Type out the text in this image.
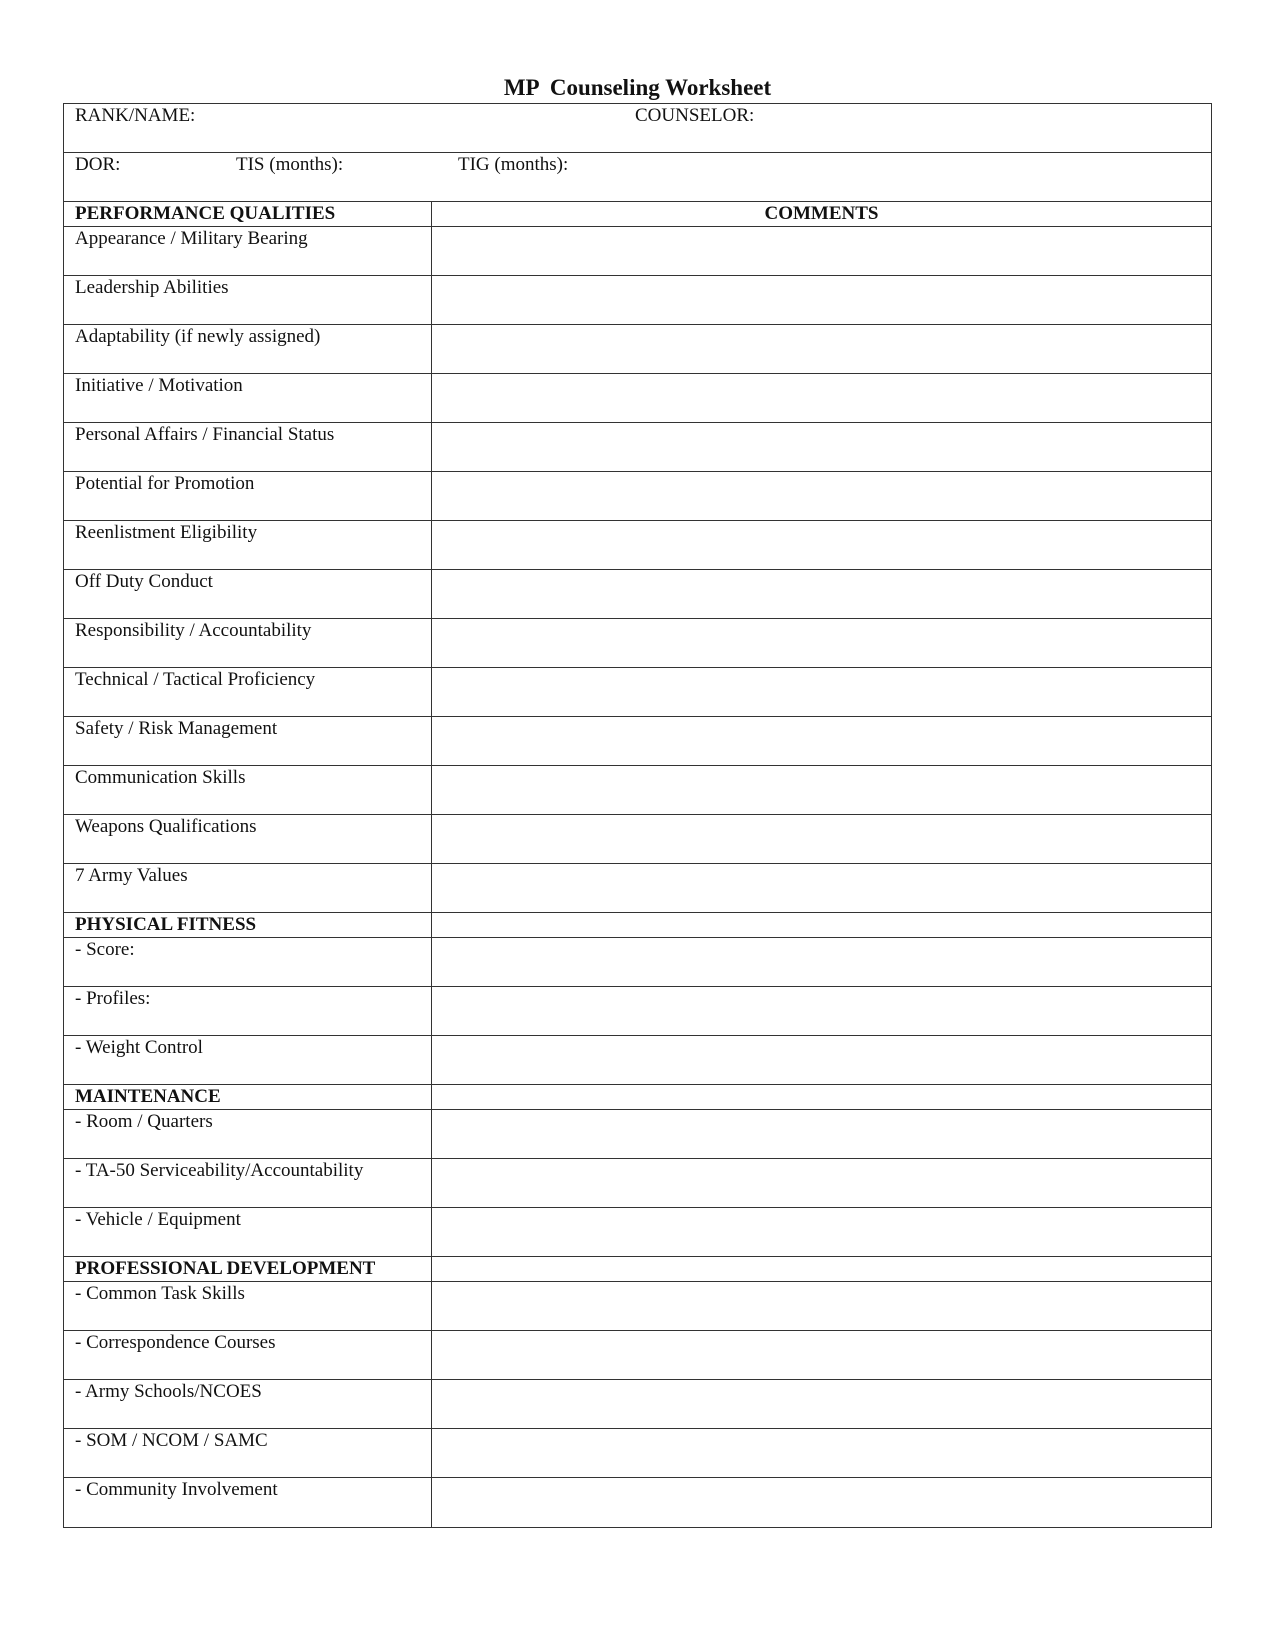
MP  Counseling Worksheet
RANK/NAME:	COUNSELOR:
DOR:	TIS (months):	TIG (months):
PERFORMANCE QUALITIES	COMMENTS
Appearance / Military Bearing
Leadership Abilities
Adaptability (if newly assigned)
Initiative / Motivation
Personal Affairs / Financial Status
Potential for Promotion
Reenlistment Eligibility
Off Duty Conduct
Responsibility / Accountability
Technical / Tactical Proficiency
Safety / Risk Management
Communication Skills
Weapons Qualifications
7 Army Values
PHYSICAL FITNESS
- Score:
- Profiles:
- Weight Control
MAINTENANCE
- Room / Quarters
- TA-50 Serviceability/Accountability
- Vehicle / Equipment
PROFESSIONAL DEVELOPMENT
- Common Task Skills
- Correspondence Courses
- Army Schools/NCOES
- SOM / NCOM / SAMC
- Community Involvement
